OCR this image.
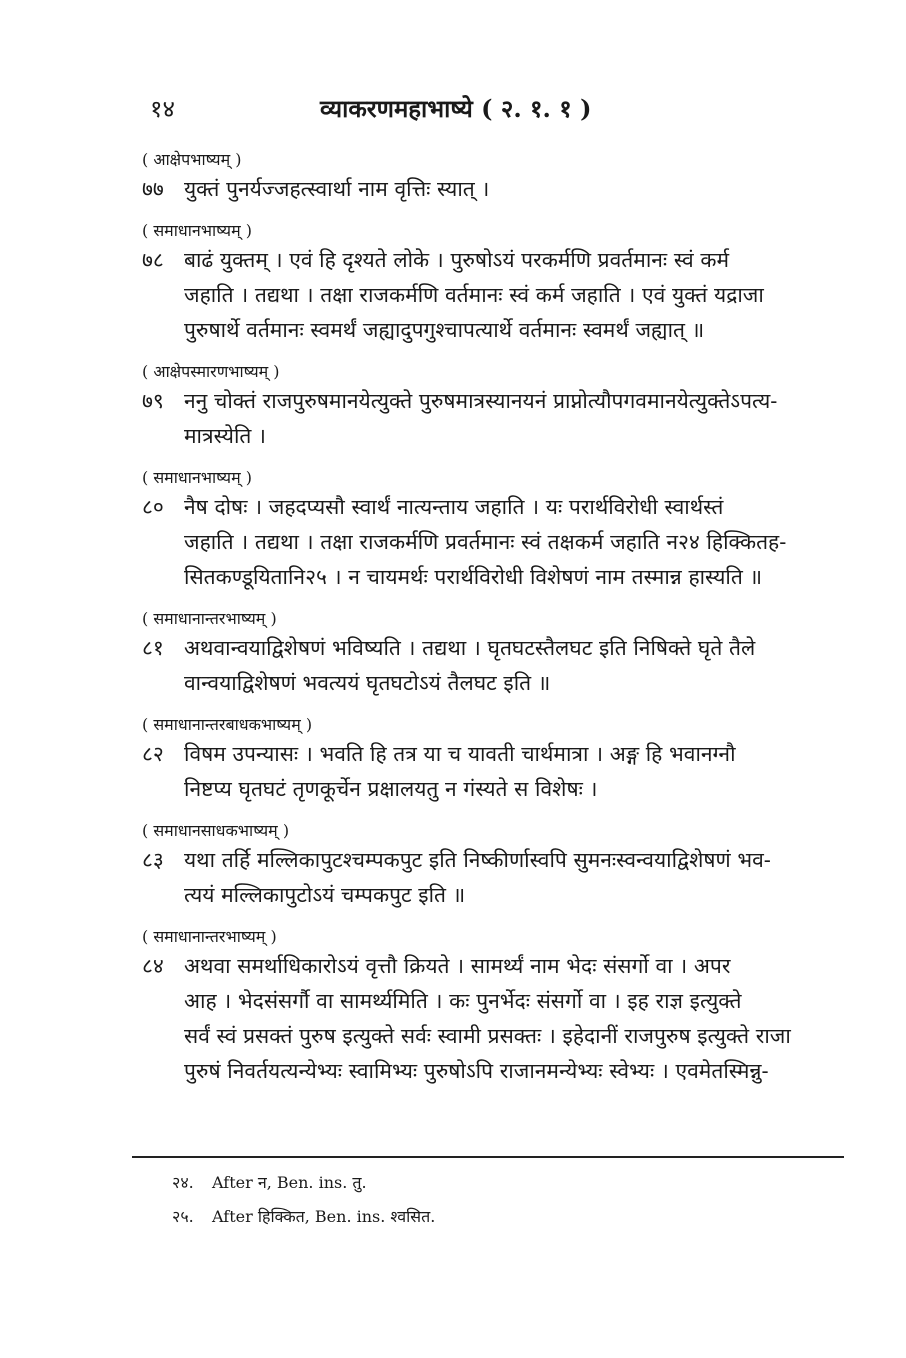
१४	व्याकरणमहाभाष्ये ( २. १. १ )
( आक्षेपभाष्यम् )
७७ युक्तं पुनर्यज्जहत्स्वार्था नाम वृत्तिः स्यात् ।
( समाधानभाष्यम् )
७८ बाढं युक्तम् । एवं हि दृश्यते लोके । पुरुषोऽयं परकर्मणि प्रवर्तमानः स्वं कर्म
जहाति । तद्यथा । तक्षा राजकर्मणि वर्तमानः स्वं कर्म जहाति । एवं युक्तं यद्राजा
पुरुषार्थे वर्तमानः स्वमर्थं जह्यादुपगुश्चापत्यार्थे वर्तमानः स्वमर्थं जह्यात् ॥
( आक्षेपस्मारणभाष्यम् )
७९ ननु चोक्तं राजपुरुषमानयेत्युक्ते पुरुषमात्रस्यानयनं प्राप्नोत्यौपगवमानयेत्युक्तेऽपत्य-
मात्रस्येति ।
( समाधानभाष्यम् )
८० नैष दोषः । जहदप्यसौ स्वार्थं नात्यन्ताय जहाति । यः परार्थविरोधी स्वार्थस्तं
जहाति । तद्यथा । तक्षा राजकर्मणि प्रवर्तमानः स्वं तक्षकर्म जहाति न२४ हिक्कितह-
सितकण्डूयितानि२५ । न चायमर्थः परार्थविरोधी विशेषणं नाम तस्मान्न हास्यति ॥
( समाधानान्तरभाष्यम् )
८१ अथवान्वयाद्विशेषणं भविष्यति । तद्यथा । घृतघटस्तैलघट इति निषिक्ते घृते तैले
वान्वयाद्विशेषणं भवत्ययं घृतघटोऽयं तैलघट इति ॥
( समाधानान्तरबाधकभाष्यम् )
८२ विषम उपन्यासः । भवति हि तत्र या च यावती चार्थमात्रा । अङ्ग हि भवानग्नौ
निष्टप्य घृतघटं तृणकूर्चेन प्रक्षालयतु न गंस्यते स विशेषः ।
( समाधानसाधकभाष्यम् )
८३ यथा तर्हि मल्लिकापुटश्चम्पकपुट इति निष्कीर्णास्वपि सुमनःस्वन्वयाद्विशेषणं भव-
त्ययं मल्लिकापुटोऽयं चम्पकपुट इति ॥
( समाधानान्तरभाष्यम् )
८४ अथवा समर्थाधिकारोऽयं वृत्तौ क्रियते । सामर्थ्यं नाम भेदः संसर्गो वा । अपर
आह । भेदसंसर्गौ वा सामर्थ्यमिति । कः पुनर्भेदः संसर्गो वा । इह राज्ञ इत्युक्ते
सर्वं स्वं प्रसक्तं पुरुष इत्युक्ते सर्वः स्वामी प्रसक्तः । इहेदानीं राजपुरुष इत्युक्ते राजा
पुरुषं निवर्तयत्यन्येभ्यः स्वामिभ्यः पुरुषोऽपि राजानमन्येभ्यः स्वेभ्यः । एवमेतस्मिन्नु-
२४. After न, Ben. ins. तु.
२५. After हिक्कित, Ben. ins. श्वसित.
